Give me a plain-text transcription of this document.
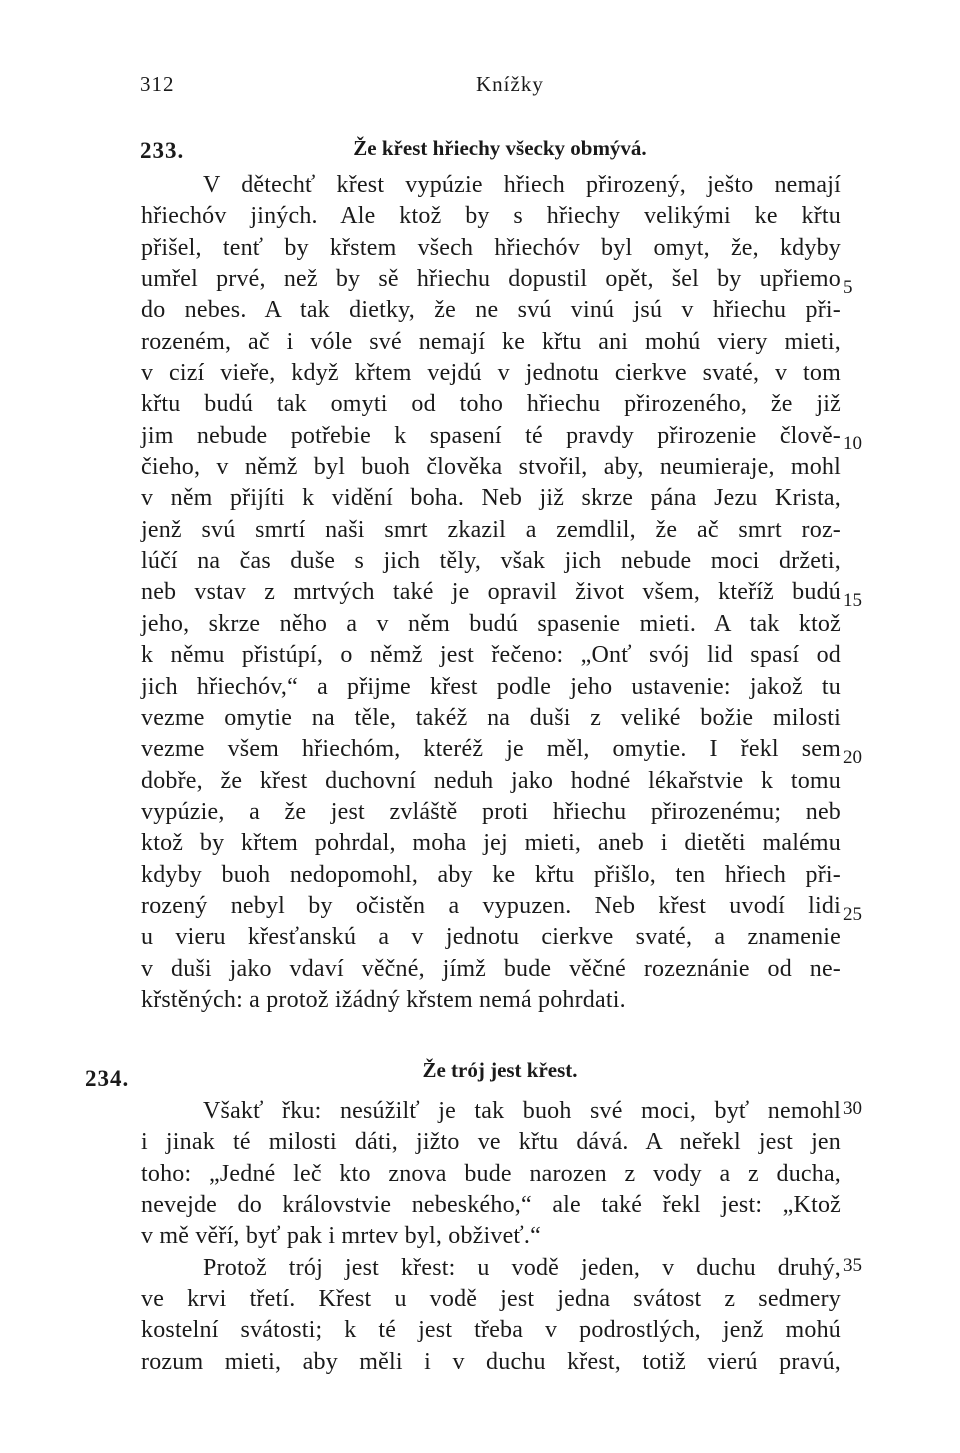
312	Knížky
233.	Že křest hřiechy všecky obmývá.
V dětechť křest vypúzie hřiech přirozený, ješto nemají
hřiechóv jiných. Ale ktož by s hřiechy velikými ke křtu
přišel, tenť by křstem všech hřiechóv byl omyt, že, kdyby
umřel prvé, než by sě hřiechu dopustil opět, šel by upřiemo
do nebes. A tak dietky, že ne svú vinú jsú v hřiechu při-
rozeném, ač i vóle své nemají ke křtu ani mohú viery mieti,
v cizí vieře, když křtem vejdú v jednotu cierkve svaté, v tom
křtu budú tak omyti od toho hřiechu přirozeného, že již
jim nebude potřebie k spasení té pravdy přirozenie člově-
čieho, v němž byl buoh člověka stvořil, aby, neumieraje, mohl
v něm přijíti k vidění boha. Neb již skrze pána Jezu Krista,
jenž svú smrtí naši smrt zkazil a zemdlil, že ač smrt roz-
lúčí na čas duše s jich těly, však jich nebude moci držeti,
neb vstav z mrtvých také je opravil život všem, kteříž budú
jeho, skrze něho a v něm budú spasenie mieti. A tak ktož
k němu přistúpí, o němž jest řečeno: „Onť svój lid spasí od
jich hřiechóv,“ a přijme křest podle jeho ustavenie: jakož tu
vezme omytie na těle, takéž na duši z veliké božie milosti
vezme všem hřiechóm, kteréž je měl, omytie. I řekl sem
dobře, že křest duchovní neduh jako hodné lékařstvie k tomu
vypúzie, a že jest zvláště proti hřiechu přirozenému; neb
ktož by křtem pohrdal, moha jej mieti, aneb i dietěti malému
kdyby buoh nedopomohl, aby ke křtu přišlo, ten hřiech při-
rozený nebyl by očistěn a vypuzen. Neb křest uvodí lidi
u vieru křesťanskú a v jednotu cierkve svaté, a znamenie
v duši jako vdaví věčné, jímž bude věčné rozeznánie od ne-
křstěných: a protož ižádný křstem nemá pohrdati.
234.	Že trój jest křest.
Všakť řku: nesúžilť je tak buoh své moci, byť nemohl
i jinak té milosti dáti, jižto ve křtu dává. A neřekl jest jen
toho: „Jedné leč kto znova bude narozen z vody a z ducha,
nevejde do královstvie nebeského,“ ale také řekl jest: „Ktož
v mě věří, byť pak i mrtev byl, obživeť.“
Protož trój jest křest: u vodě jeden, v duchu druhý,
ve krvi třetí. Křest u vodě jest jedna svátost z sedmery
kostelní svátosti; k té jest třeba v podrostlých, jenž mohú
rozum mieti, aby měli i v duchu křest, totiž vierú pravú,
5
10
15
20
25
30
35
